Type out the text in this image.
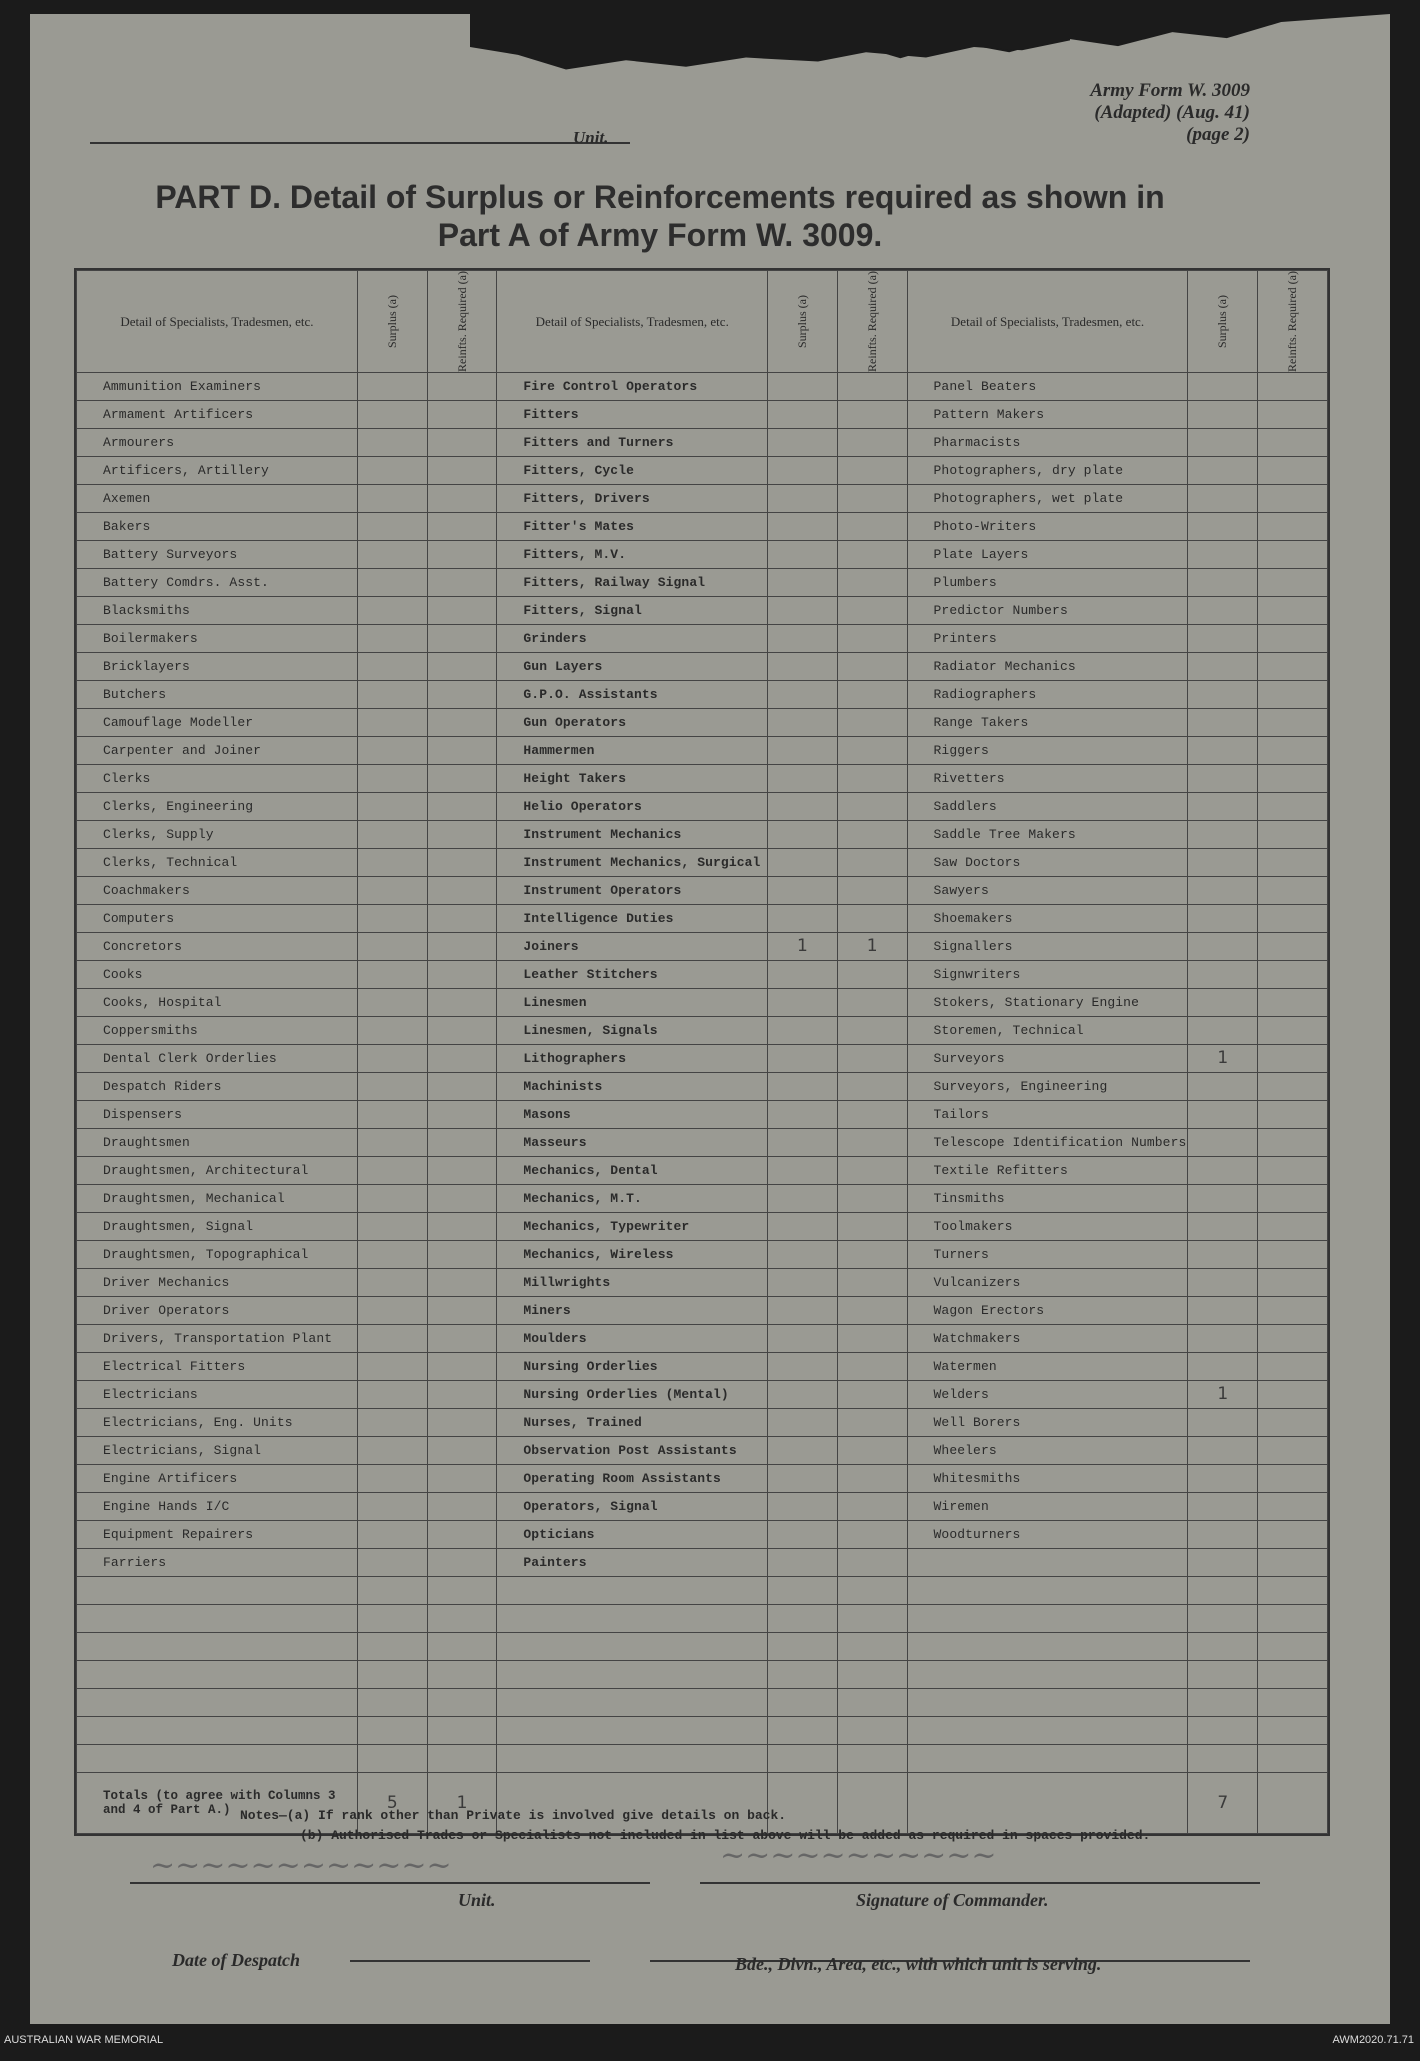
Unit.
Army Form W. 3009
(Adapted) (Aug. 41)
(page 2)
PART D. Detail of Surplus or Reinforcements required as shown in
Part A of Army Form W. 3009.
Detail of Specialists, Tradesmen, etc.	Surplus (a)	Reinfts. Required (a)	Detail of Specialists, Tradesmen, etc.	Surplus (a)	Reinfts. Required (a)	Detail of Specialists, Tradesmen, etc.	Surplus (a)	Reinfts. Required (a)

Ammunition Examiners			Fire Control Operators			Panel Beaters		
Armament Artificers			Fitters			Pattern Makers		
Armourers			Fitters and Turners			Pharmacists		
Artificers, Artillery			Fitters, Cycle			Photographers, dry plate		
Axemen			Fitters, Drivers			Photographers, wet plate		
Bakers			Fitter's Mates			Photo-Writers		
Battery Surveyors			Fitters, M.V.			Plate Layers		
Battery Comdrs. Asst.			Fitters, Railway Signal			Plumbers		
Blacksmiths			Fitters, Signal			Predictor Numbers		
Boilermakers			Grinders			Printers		
Bricklayers			Gun Layers			Radiator Mechanics		
Butchers			G.P.O. Assistants			Radiographers		
Camouflage Modeller			Gun Operators			Range Takers		
Carpenter and Joiner			Hammermen			Riggers		
Clerks			Height Takers			Rivetters		
Clerks, Engineering			Helio Operators			Saddlers		
Clerks, Supply			Instrument Mechanics			Saddle Tree Makers		
Clerks, Technical			Instrument Mechanics, Surgical			Saw Doctors		
Coachmakers			Instrument Operators			Sawyers		
Computers			Intelligence Duties			Shoemakers		
Concretors			Joiners	1	1	Signallers		
Cooks			Leather Stitchers			Signwriters		
Cooks, Hospital			Linesmen			Stokers, Stationary Engine		
Coppersmiths			Linesmen, Signals			Storemen, Technical		
Dental Clerk Orderlies			Lithographers			Surveyors	1	
Despatch Riders			Machinists			Surveyors, Engineering		
Dispensers			Masons			Tailors		
Draughtsmen			Masseurs			Telescope Identification Numbers		
Draughtsmen, Architectural			Mechanics, Dental			Textile Refitters		
Draughtsmen, Mechanical			Mechanics, M.T.			Tinsmiths		
Draughtsmen, Signal			Mechanics, Typewriter			Toolmakers		
Draughtsmen, Topographical			Mechanics, Wireless			Turners		
Driver Mechanics			Millwrights			Vulcanizers		
Driver Operators			Miners			Wagon Erectors		
Drivers, Transportation Plant			Moulders			Watchmakers		
Electrical Fitters			Nursing Orderlies			Watermen		
Electricians			Nursing Orderlies (Mental)			Welders	1	
Electricians, Eng. Units			Nurses, Trained			Well Borers		
Electricians, Signal			Observation Post Assistants			Wheelers		
Engine Artificers			Operating Room Assistants			Whitesmiths		
Engine Hands I/C			Operators, Signal			Wiremen		
Equipment Repairers			Opticians			Woodturners		
Farriers			Painters					

Totals (to agree with Columns 3 and 4 of Part A.)	5	1					7	
Notes—(a) If rank other than Private is involved give details on back.
(b) Authorised Trades or Specialists not included in list above will be added as required in spaces provided.
~~~~~~~~~~~~	~~~~~~~~~~~
Unit.	Signature of Commander.
Date of Despatch	Bde., Divn., Area, etc., with which unit is serving.
AUSTRALIAN WAR MEMORIAL	AWM2020.71.71
